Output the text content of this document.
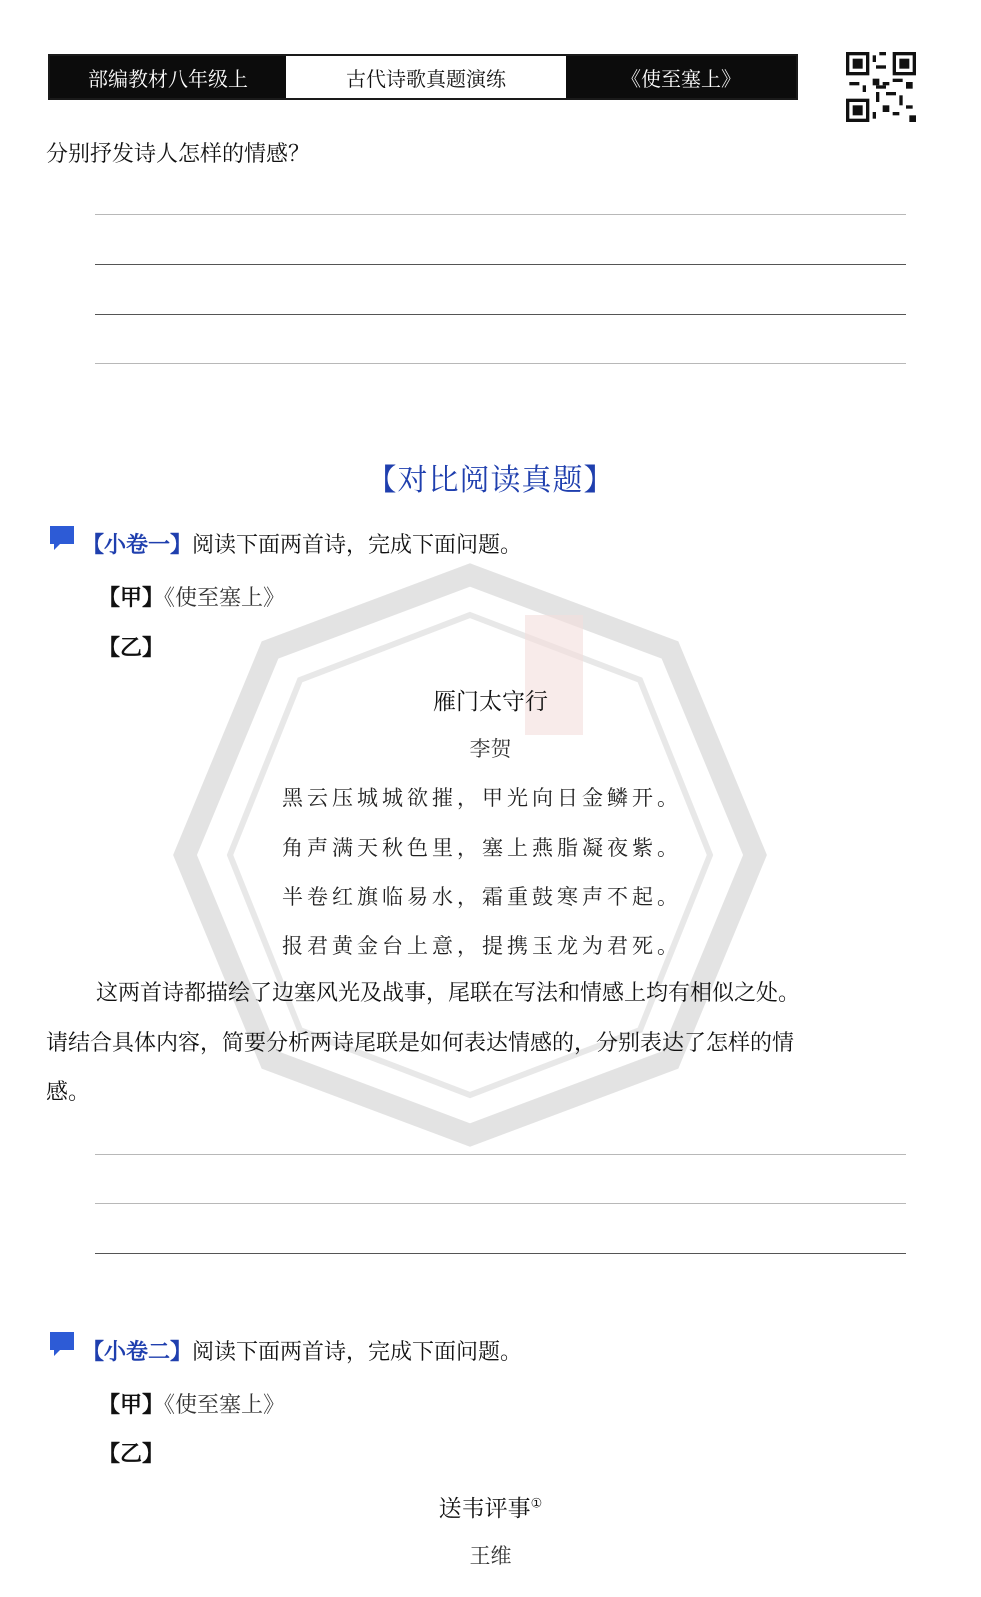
部编教材八年级上	古代诗歌真题演练	《使至塞上》
分别抒发诗人怎样的情感？
【对比阅读真题】
【小卷一】阅读下面两首诗，完成下面问题。
【甲】《使至塞上》
【乙】
雁门太守行
李贺
黑云压城城欲摧，甲光向日金鳞开。
角声满天秋色里，塞上燕脂凝夜紫。
半卷红旗临易水，霜重鼓寒声不起。
报君黄金台上意，提携玉龙为君死。
这两首诗都描绘了边塞风光及战事，尾联在写法和情感上均有相似之处。
请结合具体内容，简要分析两诗尾联是如何表达情感的，分别表达了怎样的情
感。
【小卷二】阅读下面两首诗，完成下面问题。
【甲】《使至塞上》
【乙】
送韦评事①
王维
